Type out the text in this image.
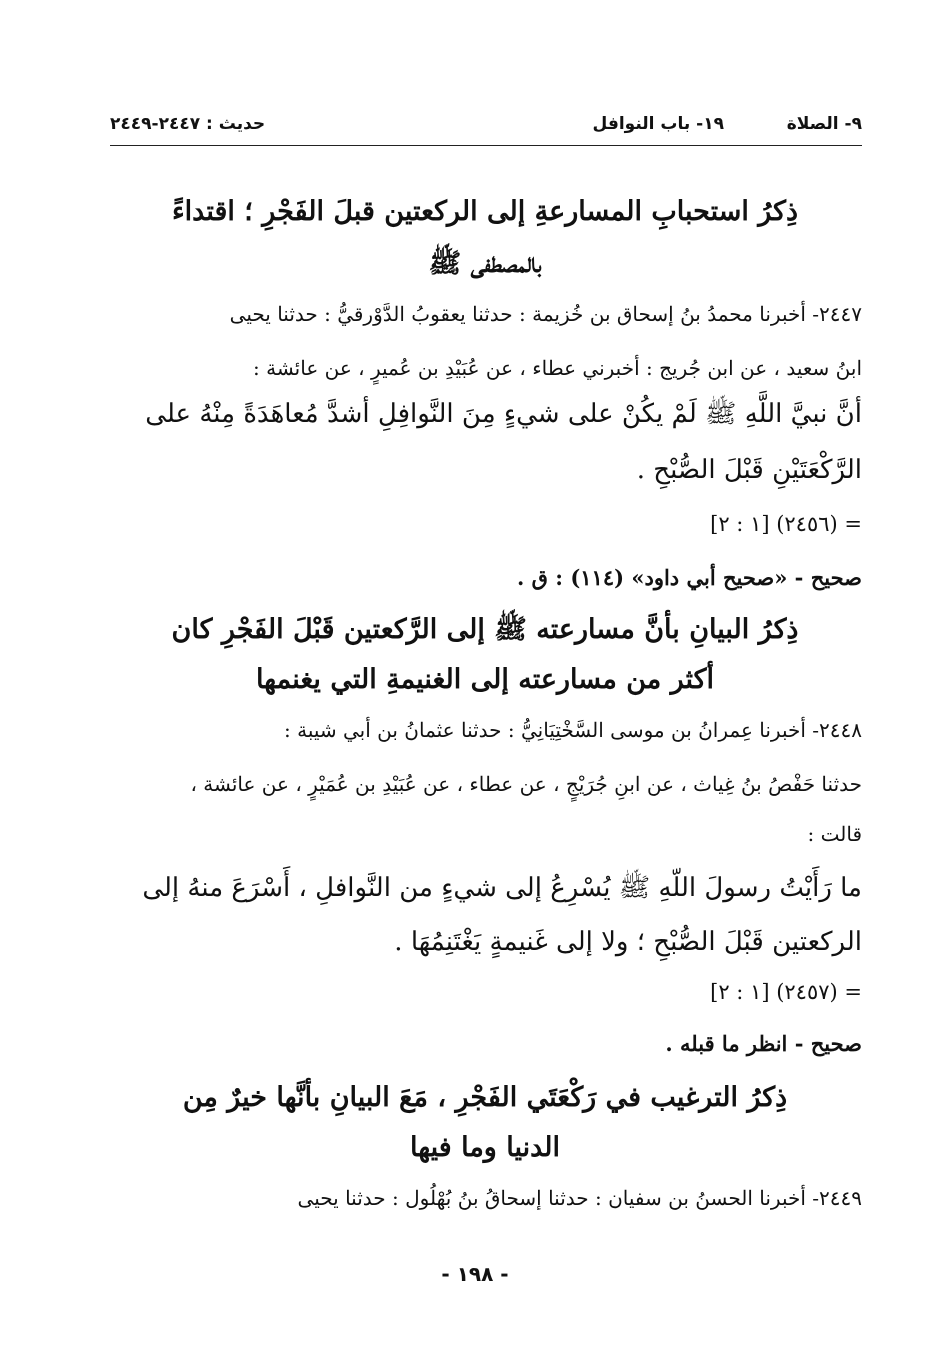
٩- الصلاة
١٩- باب النوافل
حديث : ٢٤٤٧-٢٤٤٩
ذِكرُ استحبابِ المسارعةِ إلى الركعتين قبلَ الفَجْرِ ؛ اقتداءً
بالمصطفى ﷺ
٢٤٤٧- أخبرنا محمدُ بنُ إسحاق بن خُزيمة : حدثنا يعقوبُ الدَّوْرقيُّ : حدثنا يحيى
ابنُ سعيد ، عن ابن جُريج : أخبرني عطاء ، عن عُبَيْدِ بن عُميرٍ ، عن عائشة :
أنَّ نبيَّ اللَّهِ ﷺ لَمْ يكُنْ على شيءٍ مِنَ النَّوافِلِ أشدَّ مُعاهَدَةً مِنْهُ على
الرَّكْعَتَيْنِ قَبْلَ الصُّبْحِ .
= (٢٤٥٦) [١ : ٢]
صحيح - «صحيح أبي داود» (١١٤) : ق .
ذِكرُ البيانِ بأنَّ مسارعته ﷺ إلى الرَّكعتين قَبْلَ الفَجْرِ كان
أكثر من مسارعته إلى الغنيمةِ التي يغنمها
٢٤٤٨- أخبرنا عِمرانُ بن موسى السَّخْتِيَانِيُّ : حدثنا عثمانُ بن أبي شيبة :
حدثنا حَفْصُ بنُ غِياث ، عن ابنِ جُرَيْجٍ ، عن عطاء ، عن عُبَيْدِ بن عُمَيْرٍ ، عن عائشة ،
قالت :
ما رَأَيْتُ رسولَ اللّهِ ﷺ يُسْرِعُ إلى شيءٍ من النَّوافلِ ، أَسْرَعَ منهُ إلى
الركعتين قَبْلَ الصُّبْحِ ؛ ولا إلى غَنيمةٍ يَغْتَنِمُهَا .
= (٢٤٥٧) [١ : ٢]
صحيح - انظر ما قبله .
ذِكرُ الترغيب في رَكْعَتَي الفَجْرِ ، مَعَ البيانِ بأنَّها خيرٌ مِن
الدنيا وما فيها
٢٤٤٩- أخبرنا الحسنُ بن سفيان : حدثنا إسحاقُ بنُ بُهْلُول : حدثنا يحيى
- ١٩٨ -
